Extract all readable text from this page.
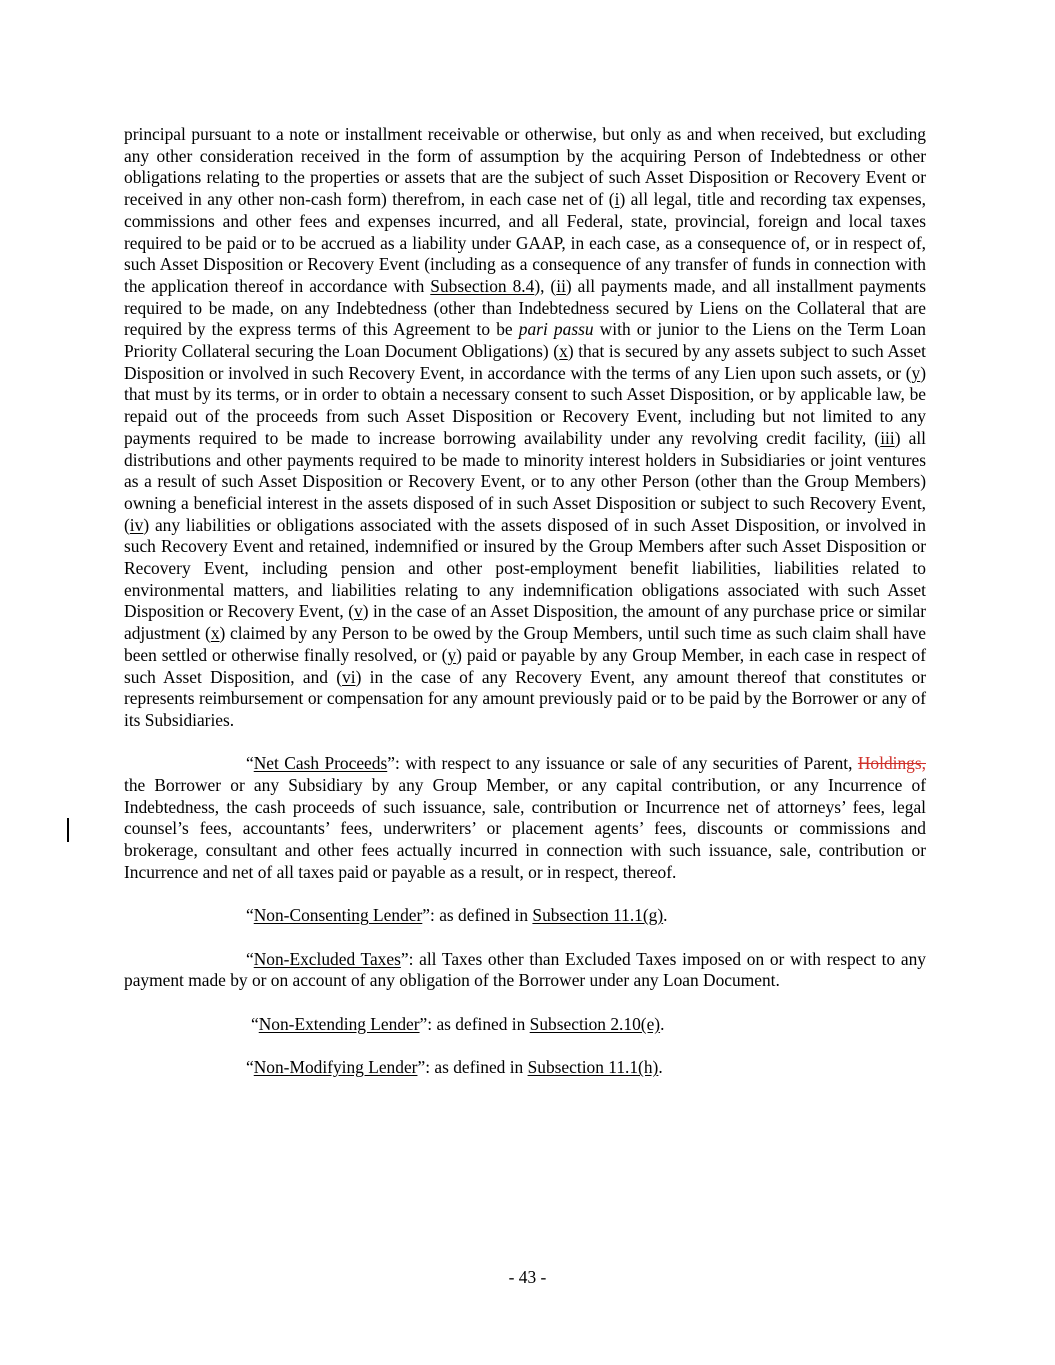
principal pursuant to a note or installment receivable or otherwise, but only as and when received, but excluding any other consideration received in the form of assumption by the acquiring Person of Indebtedness or other obligations relating to the properties or assets that are the subject of such Asset Disposition or Recovery Event or received in any other non-cash form) therefrom, in each case net of (i) all legal, title and recording tax expenses, commissions and other fees and expenses incurred, and all Federal, state, provincial, foreign and local taxes required to be paid or to be accrued as a liability under GAAP, in each case, as a consequence of, or in respect of, such Asset Disposition or Recovery Event (including as a consequence of any transfer of funds in connection with the application thereof in accordance with Subsection 8.4), (ii) all payments made, and all installment payments required to be made, on any Indebtedness (other than Indebtedness secured by Liens on the Collateral that are required by the express terms of this Agreement to be pari passu with or junior to the Liens on the Term Loan Priority Collateral securing the Loan Document Obligations) (x) that is secured by any assets subject to such Asset Disposition or involved in such Recovery Event, in accordance with the terms of any Lien upon such assets, or (y) that must by its terms, or in order to obtain a necessary consent to such Asset Disposition, or by applicable law, be repaid out of the proceeds from such Asset Disposition or Recovery Event, including but not limited to any payments required to be made to increase borrowing availability under any revolving credit facility, (iii) all distributions and other payments required to be made to minority interest holders in Subsidiaries or joint ventures as a result of such Asset Disposition or Recovery Event, or to any other Person (other than the Group Members) owning a beneficial interest in the assets disposed of in such Asset Disposition or subject to such Recovery Event, (iv) any liabilities or obligations associated with the assets disposed of in such Asset Disposition, or involved in such Recovery Event and retained, indemnified or insured by the Group Members after such Asset Disposition or Recovery Event, including pension and other post-employment benefit liabilities, liabilities related to environmental matters, and liabilities relating to any indemnification obligations associated with such Asset Disposition or Recovery Event, (v) in the case of an Asset Disposition, the amount of any purchase price or similar adjustment (x) claimed by any Person to be owed by the Group Members, until such time as such claim shall have been settled or otherwise finally resolved, or (y) paid or payable by any Group Member, in each case in respect of such Asset Disposition, and (vi) in the case of any Recovery Event, any amount thereof that constitutes or represents reimbursement or compensation for any amount previously paid or to be paid by the Borrower or any of its Subsidiaries.

“Net Cash Proceeds”: with respect to any issuance or sale of any securities of Parent, Holdings, the Borrower or any Subsidiary by any Group Member, or any capital contribution, or any Incurrence of Indebtedness, the cash proceeds of such issuance, sale, contribution or Incurrence net of attorneys’ fees, legal counsel’s fees, accountants’ fees, underwriters’ or placement agents’ fees, discounts or commissions and brokerage, consultant and other fees actually incurred in connection with such issuance, sale, contribution or Incurrence and net of all taxes paid or payable as a result, or in respect, thereof.

“Non-Consenting Lender”: as defined in Subsection 11.1(g).

“Non-Excluded Taxes”: all Taxes other than Excluded Taxes imposed on or with respect to any payment made by or on account of any obligation of the Borrower under any Loan Document.

“Non-Extending Lender”: as defined in Subsection 2.10(e).

“Non-Modifying Lender”: as defined in Subsection 11.1(h).

- 43 -
